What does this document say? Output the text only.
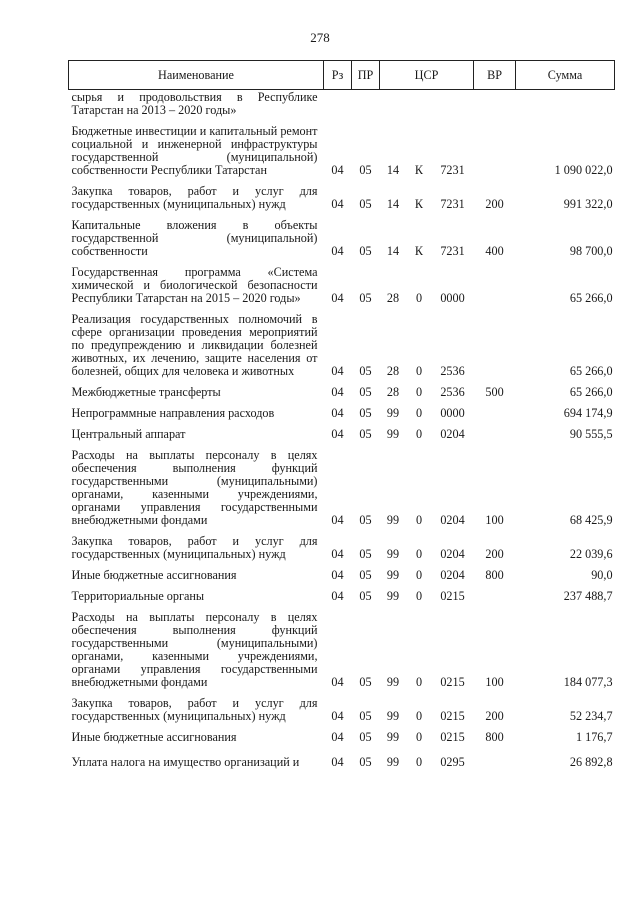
278
Наименование	Рз	ПР	ЦСР			ВР	Сумма
сырья и продовольствия в Республике Татарстан на 2013 – 2020 годы»							
Бюджетные инвестиции и капитальный ремонт социальной и инженерной инфраструктуры государственной (муниципальной) собственности Республики Татарстан	04	05	14	К	7231		1 090 022,0
Закупка товаров, работ и услуг для государственных (муниципальных) нужд	04	05	14	К	7231	200	991 322,0
Капитальные вложения в объекты государственной (муниципальной) собственности	04	05	14	К	7231	400	98 700,0
Государственная программа «Система химической и биологической безопасности Республики Татарстан на 2015 – 2020 годы»	04	05	28	0	0000		65 266,0
Реализация государственных полномочий в сфере организации проведения мероприятий по предупреждению и ликвидации болезней животных, их лечению, защите населения от болезней, общих для человека и животных	04	05	28	0	2536		65 266,0
Межбюджетные трансферты	04	05	28	0	2536	500	65 266,0
Непрограммные направления расходов	04	05	99	0	0000		694 174,9
Центральный аппарат	04	05	99	0	0204		90 555,5
Расходы на выплаты персоналу в целях обеспечения выполнения функций государственными (муниципальными) органами, казенными учреждениями, органами управления государственными внебюджетными фондами	04	05	99	0	0204	100	68 425,9
Закупка товаров, работ и услуг для государственных (муниципальных) нужд	04	05	99	0	0204	200	22 039,6
Иные бюджетные ассигнования	04	05	99	0	0204	800	90,0
Территориальные органы	04	05	99	0	0215		237 488,7
Расходы на выплаты персоналу в целях обеспечения выполнения функций государственными (муниципальными) органами, казенными учреждениями, органами управления государственными внебюджетными фондами	04	05	99	0	0215	100	184 077,3
Закупка товаров, работ и услуг для государственных (муниципальных) нужд	04	05	99	0	0215	200	52 234,7
Иные бюджетные ассигнования	04	05	99	0	0215	800	1 176,7
Уплата налога на имущество организаций и	04	05	99	0	0295		26 892,8
